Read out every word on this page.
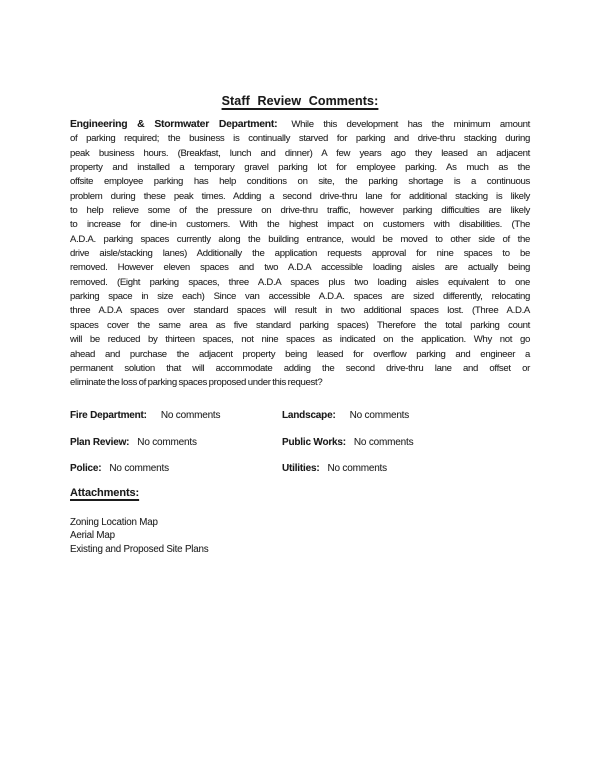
Staff Review Comments:
Engineering & Stormwater Department: While this development has the minimum amount
of parking required; the business is continually starved for parking and drive-thru stacking during
peak business hours. (Breakfast, lunch and dinner) A few years ago they leased an adjacent
property and installed a temporary gravel parking lot for employee parking. As much as the
offsite employee parking has help conditions on site, the parking shortage is a continuous
problem during these peak times. Adding a second drive-thru lane for additional stacking is likely
to help relieve some of the pressure on drive-thru traffic, however parking difficulties are likely
to increase for dine-in customers. With the highest impact on customers with disabilities. (The
A.D.A. parking spaces currently along the building entrance, would be moved to other side of the
drive aisle/stacking lanes) Additionally the application requests approval for nine spaces to be
removed. However eleven spaces and two A.D.A accessible loading aisles are actually being
removed. (Eight parking spaces, three A.D.A spaces plus two loading aisles equivalent to one
parking space in size each) Since van accessible A.D.A. spaces are sized differently, relocating
three A.D.A spaces over standard spaces will result in two additional spaces lost. (Three A.D.A
spaces cover the same area as five standard parking spaces) Therefore the total parking count
will be reduced by thirteen spaces, not nine spaces as indicated on the application. Why not go
ahead and purchase the adjacent property being leased for overflow parking and engineer a
permanent solution that will accommodate adding the second drive-thru lane and offset or
eliminate the loss of parking spaces proposed under this request?
Fire Department: No comments	Landscape: No comments
Plan Review: No comments	Public Works: No comments
Police: No comments	Utilities: No comments
Attachments:
Zoning Location Map
Aerial Map
Existing and Proposed Site Plans
